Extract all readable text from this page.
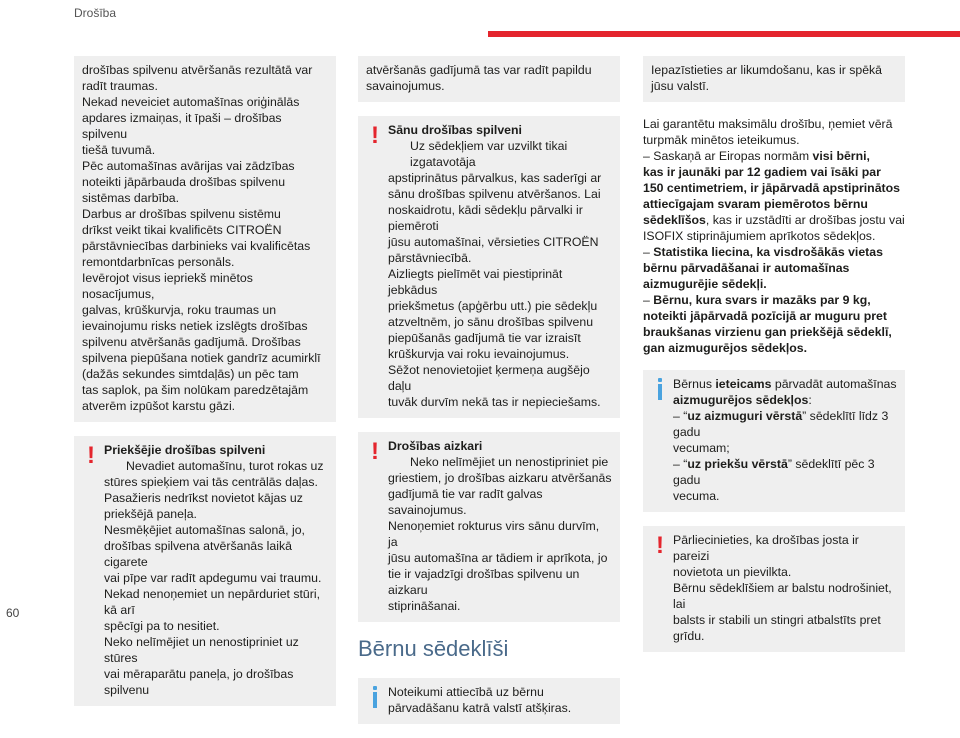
Drošība
60

drošības spilvenu atvēršanās rezultātā var
radīt traumas.
Nekad neveiciet automašīnas oriģinālās
apdares izmaiņas, it īpaši – drošības spilvenu
tiešā tuvumā.
Pēc automašīnas avārijas vai zādzības
noteikti jāpārbauda drošības spilvenu
sistēmas darbība.
Darbus ar drošības spilvenu sistēmu
drīkst veikt tikai kvalificēts CITROËN
pārstāvniecības darbinieks vai kvalificētas
remontdarbnīcas personāls.
Ievērojot visus iepriekš minētos nosacījumus,
galvas, krūškurvja, roku traumas un
ievainojumu risks netiek izslēgts drošības
spilvenu atvēršanās gadījumā. Drošības
spilvena piepūšana notiek gandrīz acumirklī
(dažās sekundes simtdaļās) un pēc tam
tas saplok, pa šim nolūkam paredzētajām
atverēm izpūšot karstu gāzi.

! Priekšējie drošības spilveni

Nevadiet automašīnu, turot rokas uz
stūres spieķiem vai tās centrālās daļas.
Pasažieris nedrīkst novietot kājas uz
priekšējā paneļa.
Nesmēķējiet automašīnas salonā, jo,
drošības spilvena atvēršanās laikā cigarete
vai pīpe var radīt apdegumu vai traumu.
Nekad nenoņemiet un nepārduriet stūri, kā arī
spēcīgi pa to nesitiet.
Neko nelīmējiet un nenostipriniet uz stūres
vai mēraparātu paneļa, jo drošības spilvenu

atvēršanās gadījumā tas var radīt papildu
savainojumus.

! Sānu drošības spilveni

Uz sēdekļiem var uzvilkt tikai izgatavotāja
apstiprinātus pārvalkus, kas saderīgi ar
sānu drošības spilvenu atvēršanos. Lai
noskaidrotu, kādi sēdekļu pārvalki ir piemēroti
jūsu automašīnai, vērsieties CITROËN
pārstāvniecībā.
Aizliegts pielīmēt vai piestiprināt jebkādus
priekšmetus (apģērbu utt.) pie sēdekļu
atzveltnēm, jo sānu drošības spilvenu
piepūšanās gadījumā tie var izraisīt
krūškurvja vai roku ievainojumus.
Sēžot nenovietojiet ķermeņa augšējo daļu
tuvāk durvīm nekā tas ir nepieciešams.

! Drošības aizkari

Neko nelīmējiet un nenostipriniet pie
griestiem, jo drošības aizkaru atvēršanās
gadījumā tie var radīt galvas savainojumus.
Nenoņemiet rokturus virs sānu durvīm, ja
jūsu automašīna ar tādiem ir aprīkota, jo
tie ir vajadzīgi drošības spilvenu un aizkaru
stiprināšanai.

Bērnu sēdeklīši

Noteikumi attiecībā uz bērnu
pārvadāšanu katrā valstī atšķiras.

Iepazīstieties ar likumdošanu, kas ir spēkā
jūsu valstī.

Lai garantētu maksimālu drošību, ņemiet vērā
turpmāk minētos ieteikumus.

– Saskaņā ar Eiropas normām visi bērni,
kas ir jaunāki par 12 gadiem vai īsāki par
150 centimetriem, ir jāpārvadā apstiprinātos
attiecīgajam svaram piemērotos bērnu
sēdeklīšos, kas ir uzstādīti ar drošības jostu vai
ISOFIX stiprinājumiem aprīkotos sēdekļos.

– Statistika liecina, ka visdrošākās vietas
bērnu pārvadāšanai ir automašīnas
aizmugurējie sēdekļi.

– Bērnu, kura svars ir mazāks par 9 kg,
noteikti jāpārvadā pozīcijā ar muguru pret
braukšanas virzienu gan priekšējā sēdeklī,
gan aizmugurējos sēdekļos.

Bērnus ieteicams pārvadāt automašīnas
aizmugurējos sēdekļos:

– “uz aizmuguri vērstā” sēdeklītī līdz 3 gadu
vecumam;
– “uz priekšu vērstā” sēdeklītī pēc 3 gadu
vecuma.

! Pārliecinieties, ka drošības josta ir pareizi
novietota un pievilkta.

Bērnu sēdeklīšiem ar balstu nodrošiniet, lai
balsts ir stabili un stingri atbalstīts pret grīdu.
